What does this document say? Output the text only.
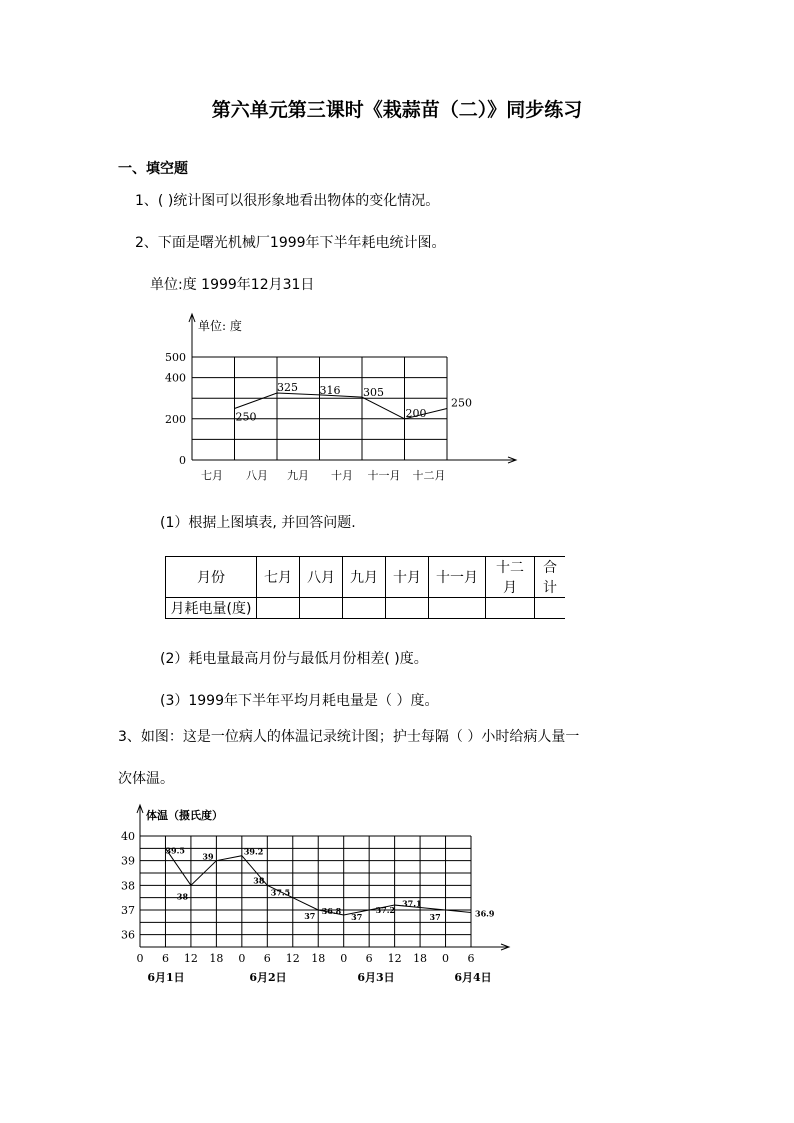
第六单元第三课时《栽蒜苗（二）》同步练习
一、填空题
1、( )统计图可以很形象地看出物体的变化情况。
2、下面是曙光机械厂1999年下半年耗电统计图。
单位:度 1999年12月31日
单位: 度
0
200
400
500
七月 八月 九月 十月 十一月 十二月
250
325 316 305
200
250
(1）根据上图填表, 并回答问题.
月份	七月	八月	九月	十月	十一月	十二月	合计
月耗电量(度)							
(2）耗电量最高月份与最低月份相差( )度。
(3）1999年下半年平均月耗电量是（ ）度。
3、如图：这是一位病人的体温记录统计图；护士每隔（ ）小时给病人量一
次体温。
体温（摄氏度）
36
37
38
39
40
0 6 12 18 0 6 12 18 0 6 12 18 0 6
6月1日	6月2日	6月3日	6月4日
39.5
38
39	39.2
38
37.5
37
36.8
37
37.2
37.1
37	36.9
